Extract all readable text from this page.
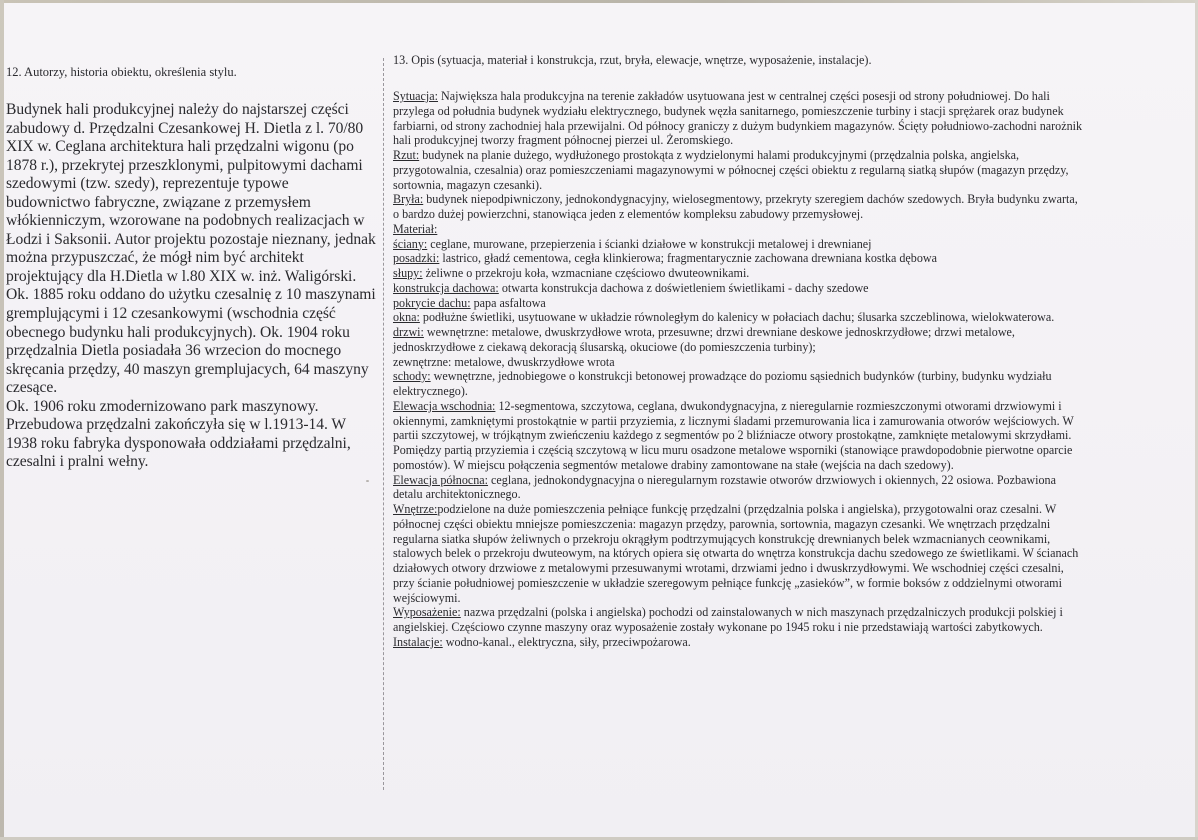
12. Autorzy, historia obiektu, określenia stylu.

Budynek hali produkcyjnej należy do najstarszej części zabudowy d. Przędzalni Czesankowej H. Dietla z l. 70/80 XIX w. Ceglana architektura hali przędzalni wigonu (po 1878 r.), przekrytej przeszklonymi, pulpitowymi dachami szedowymi (tzw. szedy), reprezentuje typowe budownictwo fabryczne, związane z przemysłem włókienniczym, wzorowane na podobnych realizacjach w Łodzi i Saksonii. Autor projektu pozostaje nieznany, jednak można przypuszczać, że mógł nim być architekt projektujący dla H.Dietla w l.80 XIX w. inż. Waligórski. Ok. 1885 roku oddano do użytku czesalnię z 10 maszynami gremplującymi i 12 czesankowymi (wschodnia część obecnego budynku hali produkcyjnych). Ok. 1904 roku przędzalnia Dietla posiadała 36 wrzecion do mocnego skręcania przędzy, 40 maszyn gremplujacych, 64 maszyny czesące.

Ok. 1906 roku zmodernizowano park maszynowy. Przebudowa przędzalni zakończyła się w l.1913-14. W 1938 roku fabryka dysponowała oddziałami przędzalni, czesalni i pralni wełny.

13. Opis (sytuacja, materiał i konstrukcja, rzut, bryła, elewacje, wnętrze, wyposażenie, instalacje).

Sytuacja: Największa hala produkcyjna na terenie zakładów usytuowana jest w centralnej części posesji od strony południowej. Do hali przylega od południa budynek wydziału elektrycznego, budynek węzła sanitarnego, pomieszczenie turbiny i stacji sprężarek oraz budynek farbiarni, od strony zachodniej hala przewijalni. Od północy graniczy z dużym budynkiem magazynów. Ścięty południowo-zachodni narożnik hali produkcyjnej tworzy fragment północnej pierzei ul. Żeromskiego.

Rzut: budynek na planie dużego, wydłużonego prostokąta z wydzielonymi halami produkcyjnymi (przędzalnia polska, angielska, przygotowalnia, czesalnia) oraz pomieszczeniami magazynowymi w północnej części obiektu z regularną siatką słupów (magazyn przędzy, sortownia, magazyn czesanki).

Bryła: budynek niepodpiwniczony, jednokondygnacyjny, wielosegmentowy, przekryty szeregiem dachów szedowych. Bryła budynku zwarta, o bardzo dużej powierzchni, stanowiąca jeden z elementów kompleksu zabudowy przemysłowej.

Materiał:

ściany: ceglane, murowane, przepierzenia i ścianki działowe w konstrukcji metalowej i drewnianej

posadzki: lastrico, gładź cementowa, cegła klinkierowa; fragmentarycznie zachowana drewniana kostka dębowa

słupy: żeliwne o przekroju koła, wzmacniane częściowo dwuteownikami.

konstrukcja dachowa: otwarta konstrukcja dachowa z doświetleniem świetlikami - dachy szedowe

pokrycie dachu: papa asfaltowa

okna: podłużne świetliki, usytuowane w układzie równoległym do kalenicy w połaciach dachu; ślusarka szczeblinowa, wielokwaterowa.

drzwi: wewnętrzne: metalowe, dwuskrzydłowe wrota, przesuwne; drzwi drewniane deskowe jednoskrzydłowe; drzwi metalowe, jednoskrzydłowe z ciekawą dekoracją ślusarską, okuciowe (do pomieszczenia turbiny);

zewnętrzne: metalowe, dwuskrzydłowe wrota

schody: wewnętrzne, jednobiegowe o konstrukcji betonowej prowadzące do poziomu sąsiednich budynków (turbiny, budynku wydziału elektrycznego).

Elewacja wschodnia: 12-segmentowa, szczytowa, ceglana, dwukondygnacyjna, z nieregularnie rozmieszczonymi otworami drzwiowymi i okiennymi, zamkniętymi prostokątnie w partii przyziemia, z licznymi śladami przemurowania lica i zamurowania otworów wejściowych. W partii szczytowej, w trójkątnym zwieńczeniu każdego z segmentów po 2 bliźniacze otwory prostokątne, zamknięte metalowymi skrzydłami. Pomiędzy partią przyziemia i częścią szczytową w licu muru osadzone metalowe wsporniki (stanowiące prawdopodobnie pierwotne oparcie pomostów). W miejscu połączenia segmentów metalowe drabiny zamontowane na stałe (wejścia na dach szedowy).

Elewacja północna: ceglana, jednokondygnacyjna o nieregularnym rozstawie otworów drzwiowych i okiennych, 22 osiowa. Pozbawiona detalu architektonicznego.

Wnętrze:podzielone na duże pomieszczenia pełniące funkcję przędzalni (przędzalnia polska i angielska), przygotowalni oraz czesalni. W północnej części obiektu mniejsze pomieszczenia: magazyn przędzy, parownia, sortownia, magazyn czesanki. We wnętrzach przędzalni regularna siatka słupów żeliwnych o przekroju okrągłym podtrzymujących konstrukcję drewnianych belek wzmacnianych ceownikami, stalowych belek o przekroju dwuteowym, na których opiera się otwarta do wnętrza konstrukcja dachu szedowego ze świetlikami. W ścianach działowych otwory drzwiowe z metalowymi przesuwanymi wrotami, drzwiami jedno i dwuskrzydłowymi. We wschodniej części czesalni, przy ścianie południowej pomieszczenie w układzie szeregowym pełniące funkcję „zasieków”, w formie boksów z oddzielnymi otworami wejściowymi.

Wyposażenie: nazwa przędzalni (polska i angielska) pochodzi od zainstalowanych w nich maszynach przędzalniczych produkcji polskiej i angielskiej. Częściowo czynne maszyny oraz wyposażenie zostały wykonane po 1945 roku i nie przedstawiają wartości zabytkowych.

Instalacje: wodno-kanal., elektryczna, siły, przeciwpożarowa.
